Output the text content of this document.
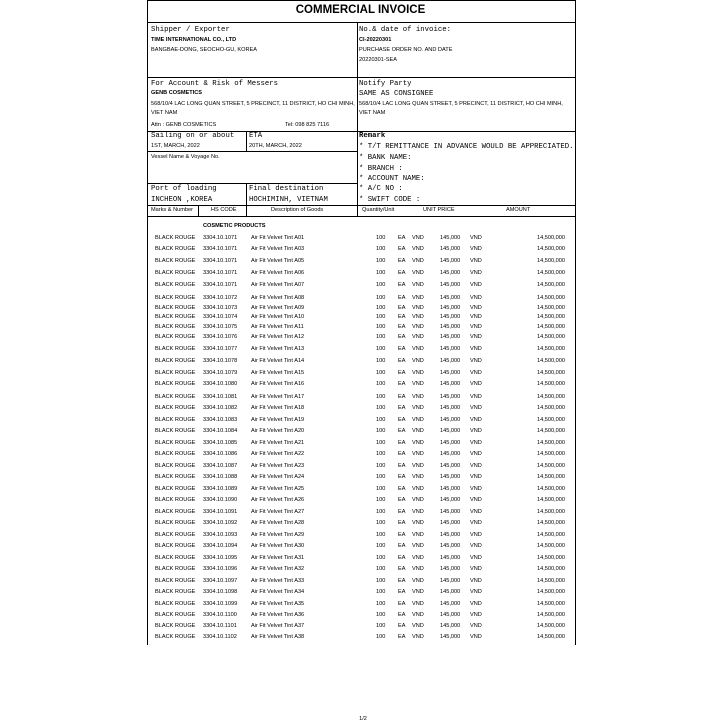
COMMERCIAL INVOICE
Shipper / Exporter
TIME INTERNATIONAL CO., LTD
BANGBAE-DONG, SEOCHO-GU, KOREA
No.& date of invoice:
CI-20220301
PURCHASE ORDER NO. AND DATE
20220301-SEA
For Account & Risk of Messers
GENB COSMETICS
568/10/4 LAC LONG QUAN STREET, 5 PRECINCT, 11 DISTRICT, HO CHI MINH,
VIET NAM
Attn : GENB COSMETICS	Tel: 098 825 7116
Notify Party
SAME AS CONSIGNEE
568/10/4 LAC LONG QUAN STREET, 5 PRECINCT, 11 DISTRICT, HO CHI MINH,
VIET NAM
Sailing on or about
1ST, MARCH, 2022
ETA
20TH, MARCH, 2022
Vessel Name & Voyage No.
Remark
* T/T REMITTANCE IN ADVANCE WOULD BE APPRECIATED.
* BANK NAME:
* BRANCH :
* ACCOUNT NAME:
* A/C NO :
* SWIFT CODE :
Port of loading
INCHEON ,KOREA
Final destination
HOCHIMINH, VIETNAM
Marks & Number	HS CODE	Description of Goods	Quantity/Unit	UNIT PRICE	AMOUNT
COSMETIC PRODUCTS
BLACK ROUGE 3304.10.1071 Air Fit Velvet Tint A01	100 EA VND	145,000 VND	14,500,000
BLACK ROUGE 3304.10.1071 Air Fit Velvet Tint A03	100 EA VND	145,000 VND	14,500,000
BLACK ROUGE 3304.10.1071 Air Fit Velvet Tint A05	100 EA VND	145,000 VND	14,500,000
BLACK ROUGE 3304.10.1071 Air Fit Velvet Tint A06	100 EA VND	145,000 VND	14,500,000
BLACK ROUGE 3304.10.1071 Air Fit Velvet Tint A07	100 EA VND	145,000 VND	14,500,000
BLACK ROUGE 3304.10.1072 Air Fit Velvet Tint A08	100 EA VND	145,000 VND	14,500,000
BLACK ROUGE 3304.10.1073 Air Fit Velvet Tint A09	100 EA VND	145,000 VND	14,500,000
BLACK ROUGE 3304.10.1074 Air Fit Velvet Tint A10	100 EA VND	145,000 VND	14,500,000
BLACK ROUGE 3304.10.1075 Air Fit Velvet Tint A11	100 EA VND	145,000 VND	14,500,000
BLACK ROUGE 3304.10.1076 Air Fit Velvet Tint A12	100 EA VND	145,000 VND	14,500,000
BLACK ROUGE 3304.10.1077 Air Fit Velvet Tint A13	100 EA VND	145,000 VND	14,500,000
BLACK ROUGE 3304.10.1078 Air Fit Velvet Tint A14	100 EA VND	145,000 VND	14,500,000
BLACK ROUGE 3304.10.1079 Air Fit Velvet Tint A15	100 EA VND	145,000 VND	14,500,000
BLACK ROUGE 3304.10.1080 Air Fit Velvet Tint A16	100 EA VND	145,000 VND	14,500,000
BLACK ROUGE 3304.10.1081 Air Fit Velvet Tint A17	100 EA VND	145,000 VND	14,500,000
BLACK ROUGE 3304.10.1082 Air Fit Velvet Tint A18	100 EA VND	145,000 VND	14,500,000
BLACK ROUGE 3304.10.1083 Air Fit Velvet Tint A19	100 EA VND	145,000 VND	14,500,000
BLACK ROUGE 3304.10.1084 Air Fit Velvet Tint A20	100 EA VND	145,000 VND	14,500,000
BLACK ROUGE 3304.10.1085 Air Fit Velvet Tint A21	100 EA VND	145,000 VND	14,500,000
BLACK ROUGE 3304.10.1086 Air Fit Velvet Tint A22	100 EA VND	145,000 VND	14,500,000
BLACK ROUGE 3304.10.1087 Air Fit Velvet Tint A23	100 EA VND	145,000 VND	14,500,000
BLACK ROUGE 3304.10.1088 Air Fit Velvet Tint A24	100 EA VND	145,000 VND	14,500,000
BLACK ROUGE 3304.10.1089 Air Fit Velvet Tint A25	100 EA VND	145,000 VND	14,500,000
BLACK ROUGE 3304.10.1090 Air Fit Velvet Tint A26	100 EA VND	145,000 VND	14,500,000
BLACK ROUGE 3304.10.1091 Air Fit Velvet Tint A27	100 EA VND	145,000 VND	14,500,000
BLACK ROUGE 3304.10.1092 Air Fit Velvet Tint A28	100 EA VND	145,000 VND	14,500,000
BLACK ROUGE 3304.10.1093 Air Fit Velvet Tint A29	100 EA VND	145,000 VND	14,500,000
BLACK ROUGE 3304.10.1094 Air Fit Velvet Tint A30	100 EA VND	145,000 VND	14,500,000
BLACK ROUGE 3304.10.1095 Air Fit Velvet Tint A31	100 EA VND	145,000 VND	14,500,000
BLACK ROUGE 3304.10.1096 Air Fit Velvet Tint A32	100 EA VND	145,000 VND	14,500,000
BLACK ROUGE 3304.10.1097 Air Fit Velvet Tint A33	100 EA VND	145,000 VND	14,500,000
BLACK ROUGE 3304.10.1098 Air Fit Velvet Tint A34	100 EA VND	145,000 VND	14,500,000
BLACK ROUGE 3304.10.1099 Air Fit Velvet Tint A35	100 EA VND	145,000 VND	14,500,000
BLACK ROUGE 3304.10.1100	Air Fit Velvet Tint A36	100 EA VND	145,000 VND	14,500,000
BLACK ROUGE 3304.10.1101	Air Fit Velvet Tint A37	100 EA VND	145,000 VND	14,500,000
BLACK ROUGE 3304.10.1102	Air Fit Velvet Tint A38	100 EA VND	145,000 VND	14,500,000
1/2
